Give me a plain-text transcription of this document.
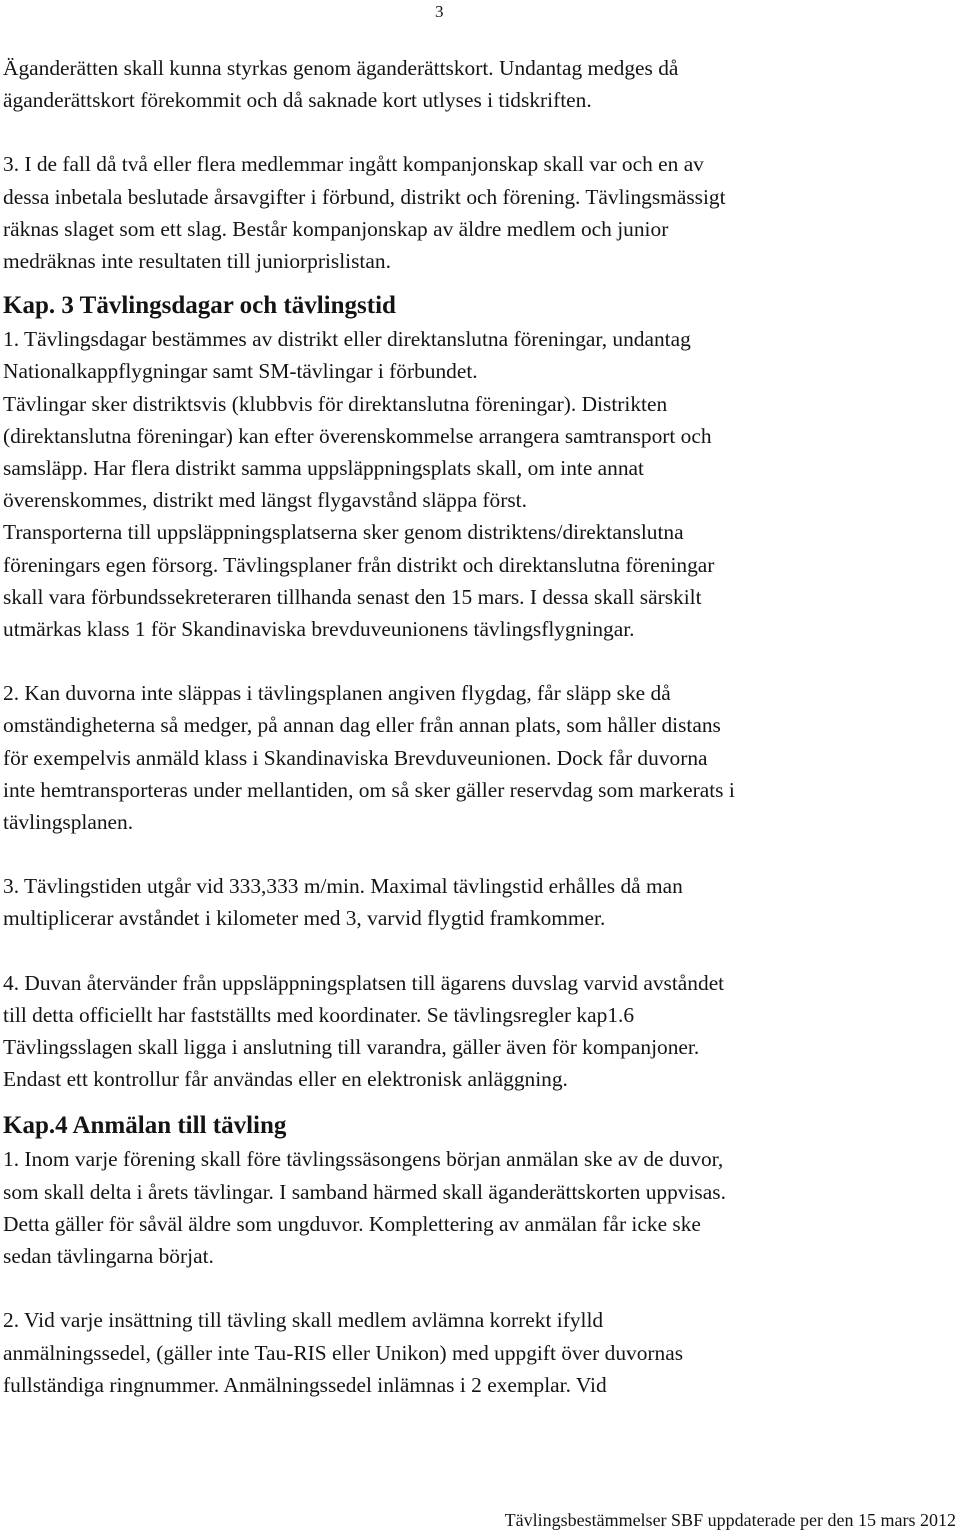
3

Äganderätten skall kunna styrkas genom äganderättskort. Undantag medges då
äganderättskort förekommit och då saknade kort utlyses i tidskriften.

3. I de fall då två eller flera medlemmar ingått kompanjonskap skall var och en av
dessa inbetala beslutade årsavgifter i förbund, distrikt och förening. Tävlingsmässigt
räknas slaget som ett slag. Består kompanjonskap av äldre medlem och junior
medräknas inte resultaten till juniorprislistan.

Kap. 3 Tävlingsdagar och tävlingstid

1. Tävlingsdagar bestämmes av distrikt eller direktanslutna föreningar, undantag
Nationalkappflygningar samt SM-tävlingar i förbundet.
Tävlingar sker distriktsvis (klubbvis för direktanslutna föreningar). Distrikten
(direktanslutna föreningar) kan efter överenskommelse arrangera samtransport och
samsläpp. Har flera distrikt samma uppsläppningsplats skall, om inte annat
överenskommes, distrikt med längst flygavstånd släppa först.
Transporterna till uppsläppningsplatserna sker genom distriktens/direktanslutna
föreningars egen försorg. Tävlingsplaner från distrikt och direktanslutna föreningar
skall vara förbundssekreteraren tillhanda senast den 15 mars. I dessa skall särskilt
utmärkas klass 1 för Skandinaviska brevduveunionens tävlingsflygningar.

2. Kan duvorna inte släppas i tävlingsplanen angiven flygdag, får släpp ske då
omständigheterna så medger, på annan dag eller från annan plats, som håller distans
för exempelvis anmäld klass i Skandinaviska Brevduveunionen. Dock får duvorna
inte hemtransporteras under mellantiden, om så sker gäller reservdag som markerats i
tävlingsplanen.

3. Tävlingstiden utgår vid 333,333 m/min. Maximal tävlingstid erhålles då man
multiplicerar avståndet i kilometer med 3, varvid flygtid framkommer.

4. Duvan återvänder från uppsläppningsplatsen till ägarens duvslag varvid avståndet
till detta officiellt har fastställts med koordinater. Se tävlingsregler kap1.6
Tävlingsslagen skall ligga i anslutning till varandra, gäller även för kompanjoner.
Endast ett kontrollur får användas eller en elektronisk anläggning.

Kap.4 Anmälan till tävling

1. Inom varje förening skall före tävlingssäsongens början anmälan ske av de duvor,
som skall delta i årets tävlingar. I samband härmed skall äganderättskorten uppvisas.
Detta gäller för såväl äldre som ungduvor. Komplettering av anmälan får icke ske
sedan tävlingarna börjat.

2. Vid varje insättning till tävling skall medlem avlämna korrekt ifylld
anmälningssedel, (gäller inte Tau-RIS eller Unikon) med uppgift över duvornas
fullständiga ringnummer. Anmälningssedel inlämnas i 2 exemplar. Vid

Tävlingsbestämmelser SBF uppdaterade per den 15 mars 2012
